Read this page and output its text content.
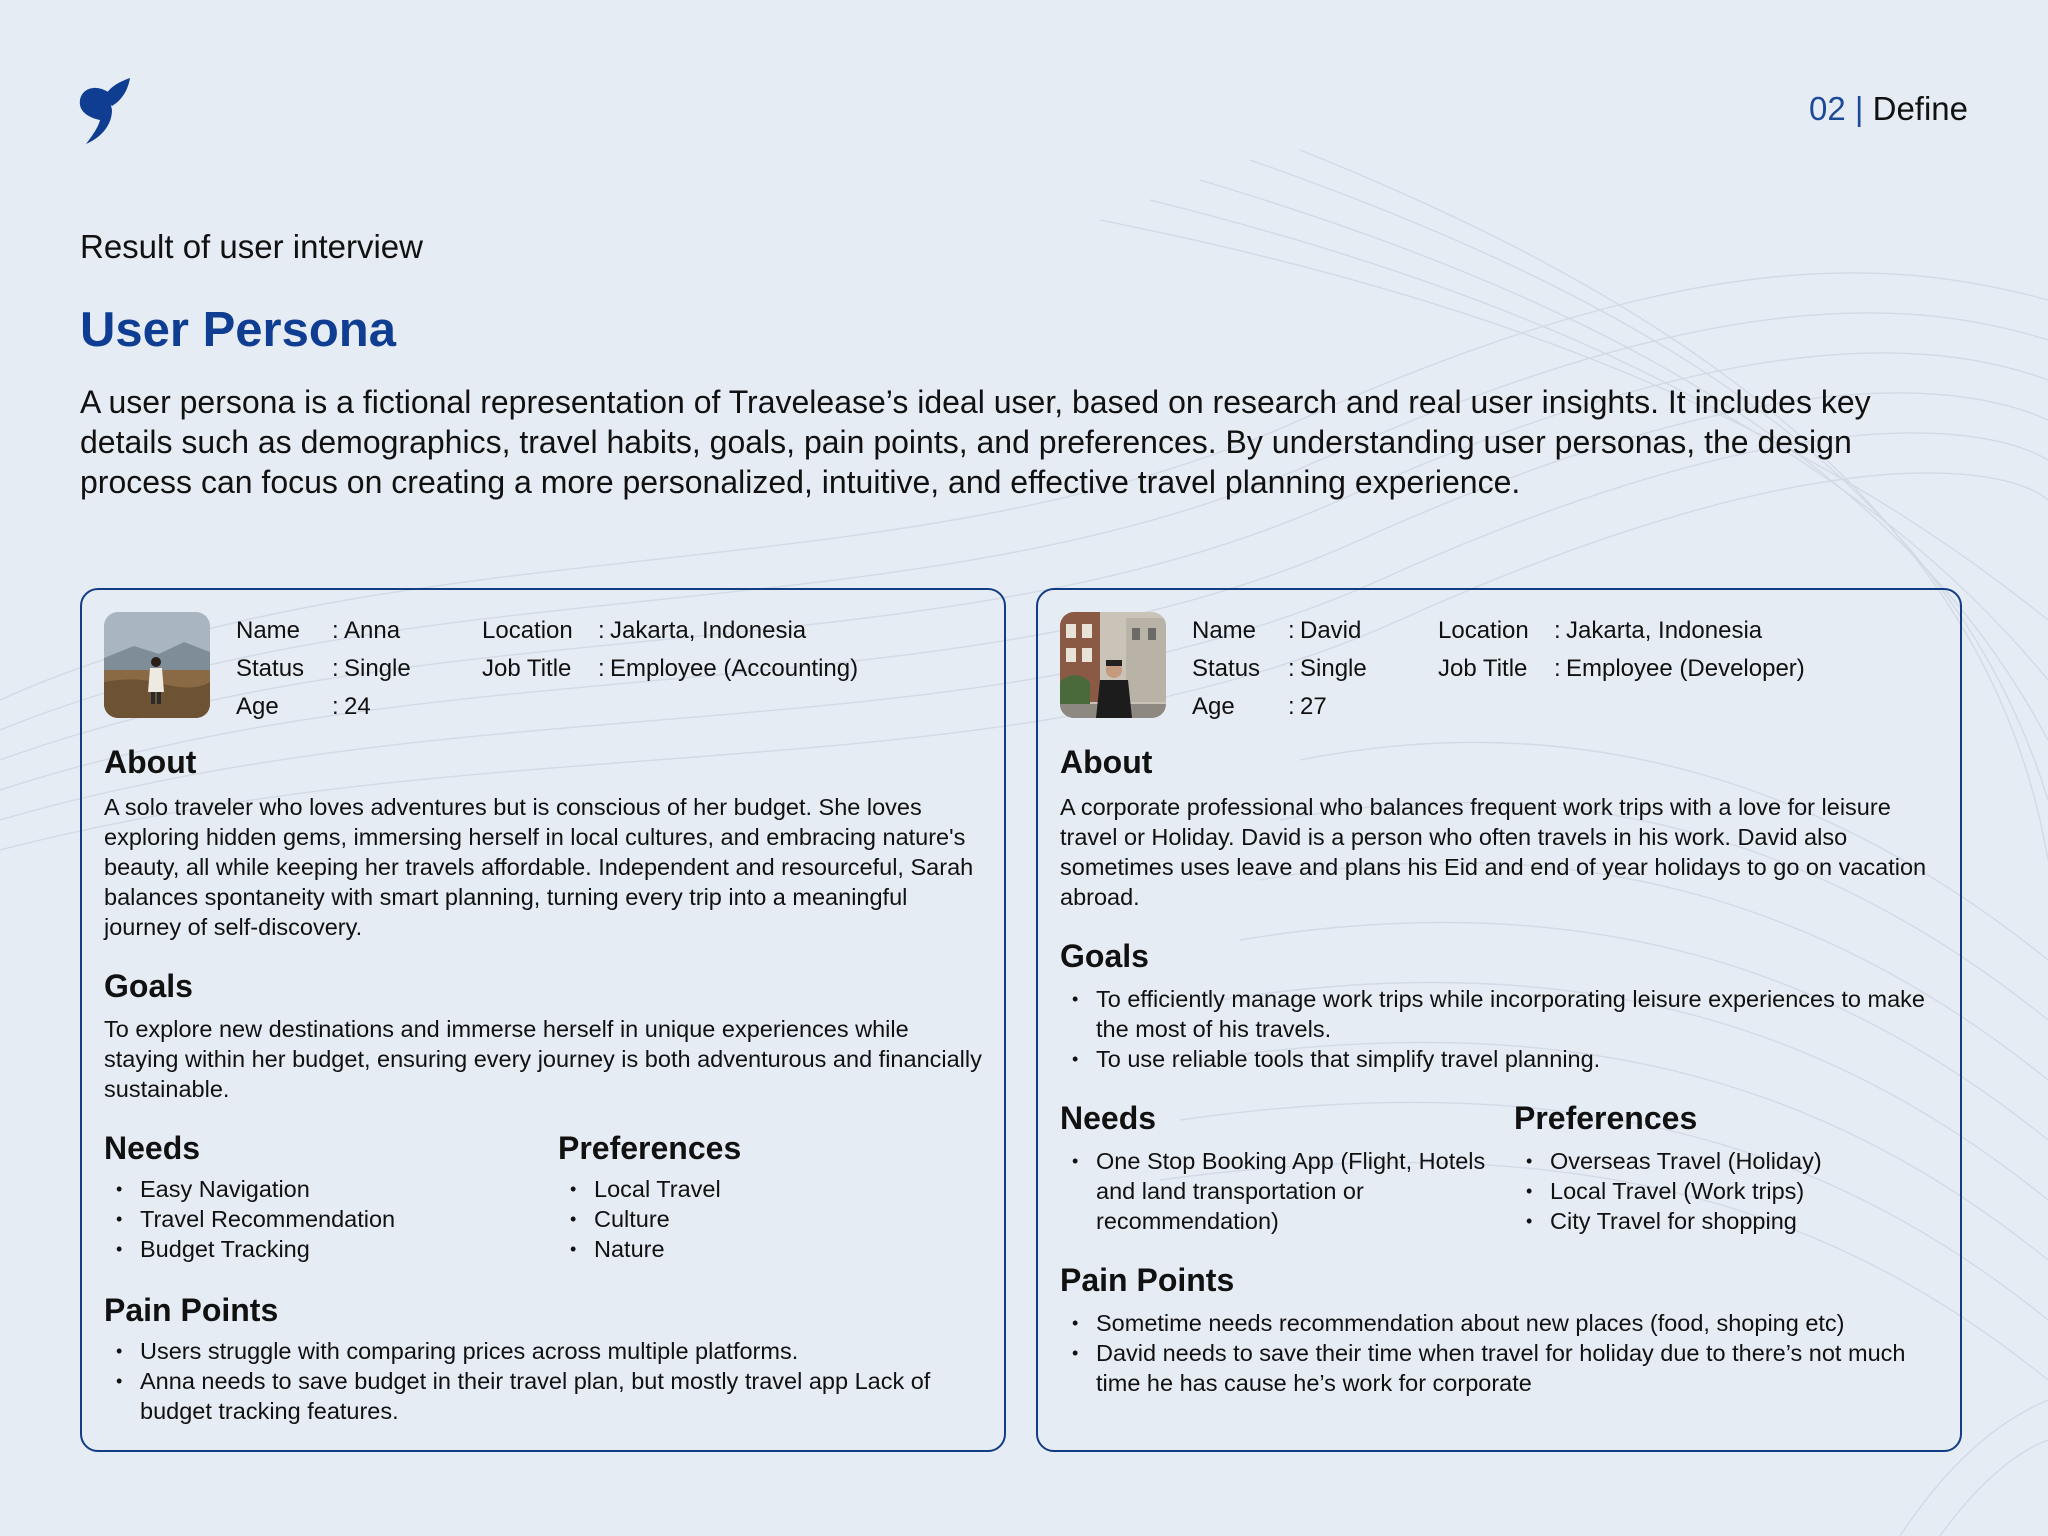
02 | Define
Result of user interview
User Persona

A user persona is a fictional representation of Travelease’s ideal user, based on research and real user insights. It includes key details such as demographics, travel habits, goals, pain points, and preferences. By understanding user personas, the design process can focus on creating a more personalized, intuitive, and effective travel planning experience.

Name : Anna
Status : Single
Age : 24
Location : Jakarta, Indonesia
Job Title : Employee (Accounting)
About

A solo traveler who loves adventures but is conscious of her budget. She loves exploring hidden gems, immersing herself in local cultures, and embracing nature's beauty, all while keeping her travels affordable. Independent and resourceful, Sarah balances spontaneity with smart planning, turning every trip into a meaningful journey of self-discovery.

Goals

To explore new destinations and immerse herself in unique experiences while staying within her budget, ensuring every journey is both adventurous and financially sustainable.

Needs
• Easy Navigation
• Travel Recommendation
• Budget Tracking
Preferences
• Local Travel
• Culture
• Nature
Pain Points
• Users struggle with comparing prices across multiple platforms.
• Anna needs to save budget in their travel plan, but mostly travel app Lack of budget tracking features.
Name : David
Status : Single
Age : 27
Location : Jakarta, Indonesia
Job Title : Employee (Developer)
About

A corporate professional who balances frequent work trips with a love for leisure travel or Holiday. David is a person who often travels in his work. David also sometimes uses leave and plans his Eid and end of year holidays to go on vacation abroad.

Goals
• To efficiently manage work trips while incorporating leisure experiences to make the most of his travels.
• To use reliable tools that simplify travel planning.
Needs
• One Stop Booking App (Flight, Hotels and land transportation or recommendation)
Preferences
• Overseas Travel (Holiday)
• Local Travel (Work trips)
• City Travel for shopping
Pain Points
• Sometime needs recommendation about new places (food, shoping etc)
• David needs to save their time when travel for holiday due to there’s not much time he has cause he’s work for corporate
